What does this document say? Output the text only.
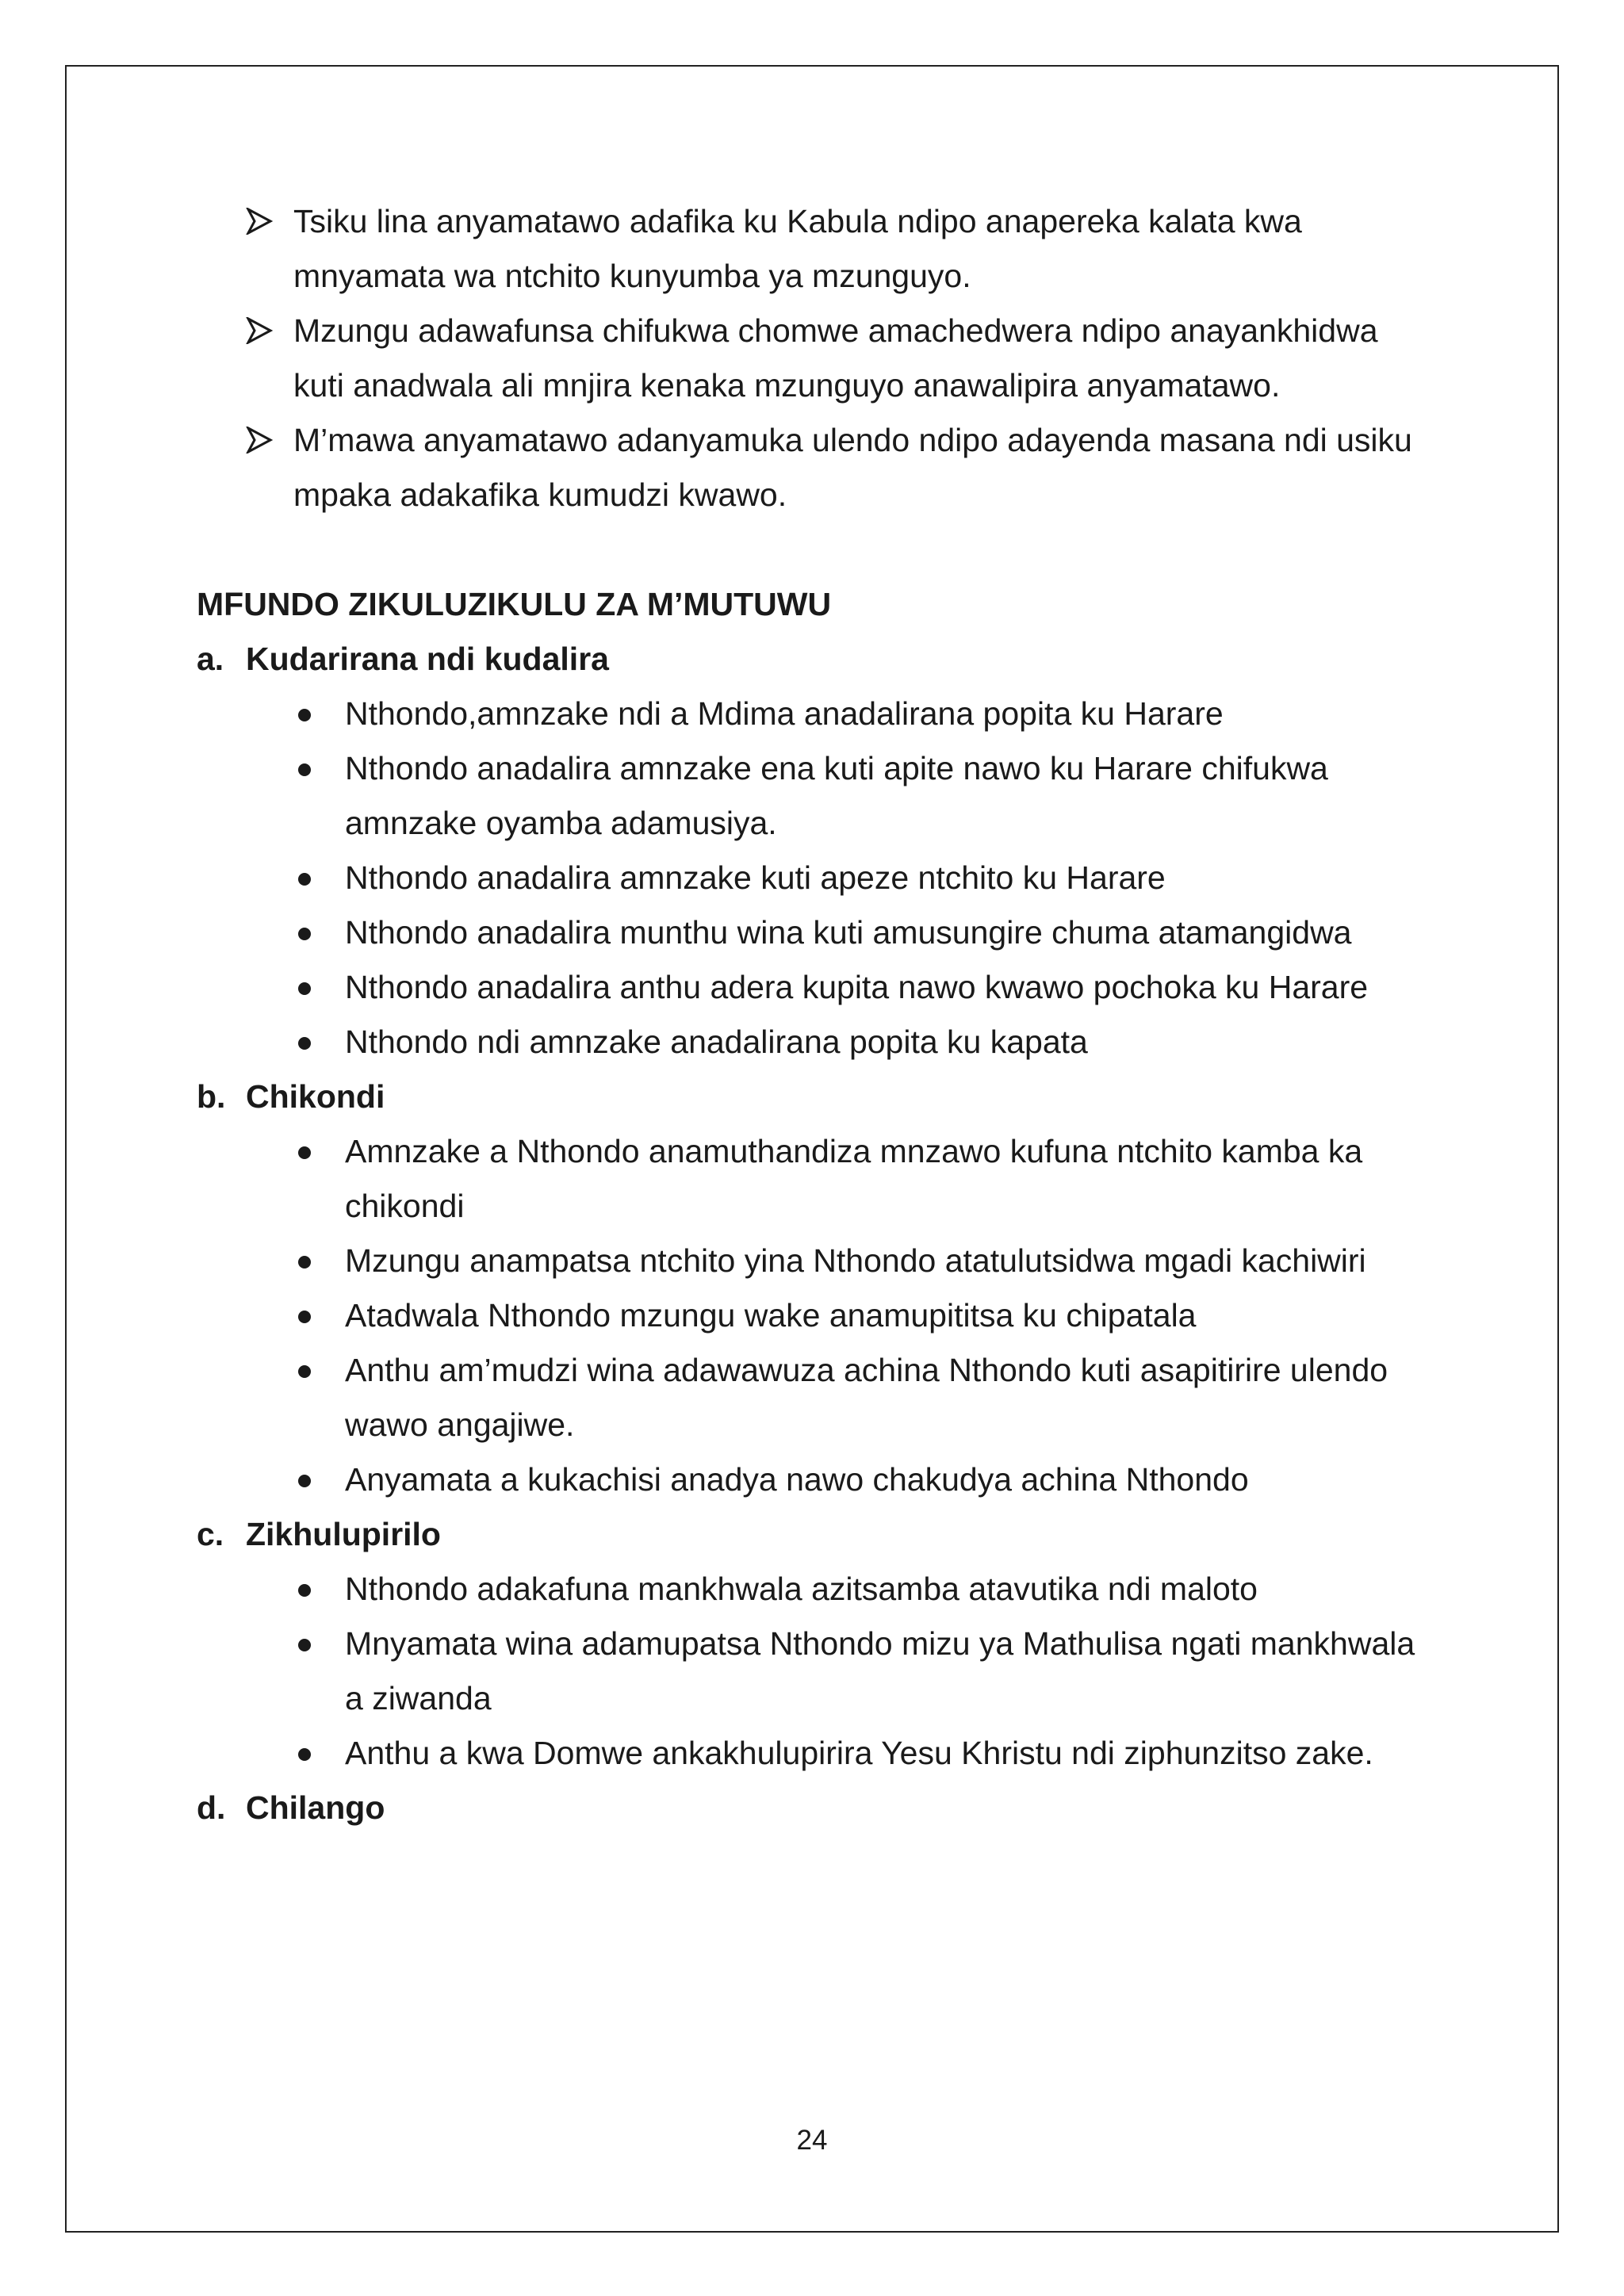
Tsiku lina anyamatawo adafika ku Kabula ndipo anapereka kalata kwa mnyamata wa ntchito kunyumba ya mzunguyo.
Mzungu adawafunsa chifukwa chomwe amachedwera ndipo anayankhidwa kuti anadwala ali mnjira kenaka mzunguyo anawalipira anyamatawo.
M’mawa anyamatawo adanyamuka ulendo ndipo adayenda masana ndi usiku mpaka adakafika kumudzi kwawo.
MFUNDO ZIKULUZIKULU ZA M’MUTUWU
a. Kudarirana ndi kudalira
Nthondo,amnzake ndi a Mdima anadalirana popita ku Harare
Nthondo anadalira amnzake ena kuti apite nawo ku Harare chifukwa amnzake oyamba adamusiya.
Nthondo anadalira amnzake kuti apeze ntchito ku Harare
Nthondo anadalira munthu wina kuti amusungire chuma atamangidwa
Nthondo anadalira anthu adera kupita nawo kwawo pochoka ku Harare
Nthondo ndi amnzake anadalirana popita ku kapata
b. Chikondi
Amnzake a Nthondo anamuthandiza mnzawo kufuna ntchito kamba ka chikondi
Mzungu anampatsa ntchito yina Nthondo atatulutsidwa mgadi kachiwiri
Atadwala Nthondo mzungu wake anamupititsa ku chipatala
Anthu am’mudzi wina adawawuza achina Nthondo kuti asapitirire ulendo wawo angajiwe.
Anyamata a kukachisi anadya nawo chakudya achina Nthondo
c. Zikhulupirilo
Nthondo adakafuna mankhwala azitsamba atavutika ndi maloto
Mnyamata wina adamupatsa Nthondo mizu ya Mathulisa ngati mankhwala a ziwanda
Anthu a kwa Domwe ankakhulupirira Yesu Khristu ndi ziphunzitso zake.
d. Chilango
24
